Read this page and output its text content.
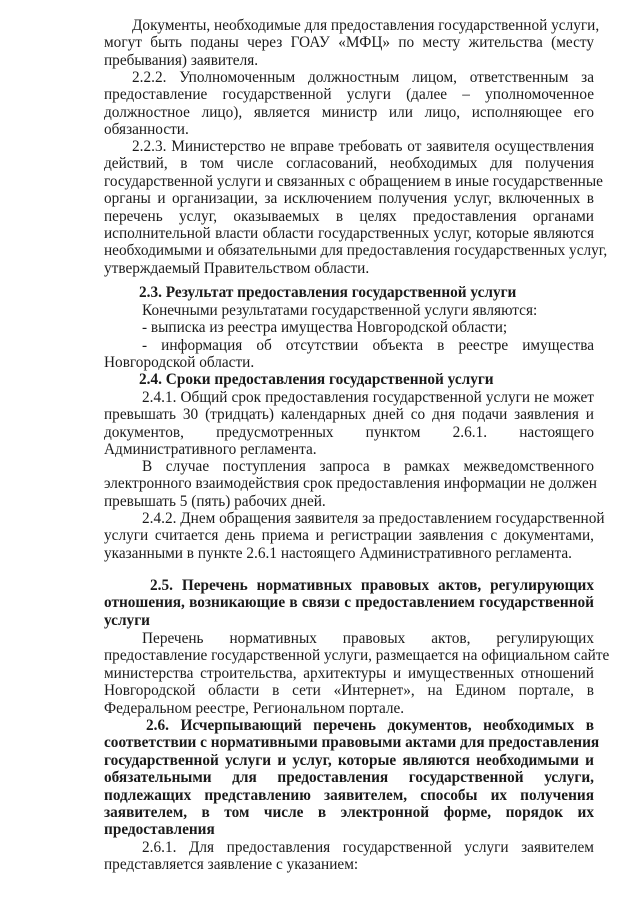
Документы, необходимые для предоставления государственной услуги,
могут быть поданы через ГОАУ «МФЦ» по месту жительства (месту
пребывания) заявителя.
2.2.2. Уполномоченным должностным лицом, ответственным за
предоставление государственной услуги (далее – уполномоченное
должностное лицо), является министр или лицо, исполняющее его
обязанности.
2.2.3. Министерство не вправе требовать от заявителя осуществления
действий, в том числе согласований, необходимых для получения
государственной услуги и связанных с обращением в иные государственные
органы и организации, за исключением получения услуг, включенных в
перечень услуг, оказываемых в целях предоставления органами
исполнительной власти области государственных услуг, которые являются
необходимыми и обязательными для предоставления государственных услуг,
утверждаемый Правительством области.
2.3. Результат предоставления государственной услуги
Конечными результатами государственной услуги являются:
- выписка из реестра имущества Новгородской области;
- информация об отсутствии объекта в реестре имущества
Новгородской области.
2.4. Сроки предоставления государственной услуги
2.4.1. Общий срок предоставления государственной услуги не может
превышать 30 (тридцать) календарных дней со дня подачи заявления и
документов, предусмотренных пунктом 2.6.1. настоящего
Административного регламента.
В случае поступления запроса в рамках межведомственного
электронного взаимодействия срок предоставления информации не должен
превышать 5 (пять) рабочих дней.
2.4.2. Днем обращения заявителя за предоставлением государственной
услуги считается день приема и регистрации заявления с документами,
указанными в пункте 2.6.1 настоящего Административного регламента.
2.5. Перечень нормативных правовых актов, регулирующих
отношения, возникающие в связи с предоставлением государственной
услуги
Перечень нормативных правовых актов, регулирующих
предоставление государственной услуги, размещается на официальном сайте
министерства строительства, архитектуры и имущественных отношений
Новгородской области в сети «Интернет», на Едином портале, в
Федеральном реестре, Региональном портале.
2.6. Исчерпывающий перечень документов, необходимых в
соответствии с нормативными правовыми актами для предоставления
государственной услуги и услуг, которые являются необходимыми и
обязательными для предоставления государственной услуги,
подлежащих представлению заявителем, способы их получения
заявителем, в том числе в электронной форме, порядок их
предоставления
2.6.1. Для предоставления государственной услуги заявителем
представляется заявление с указанием:
